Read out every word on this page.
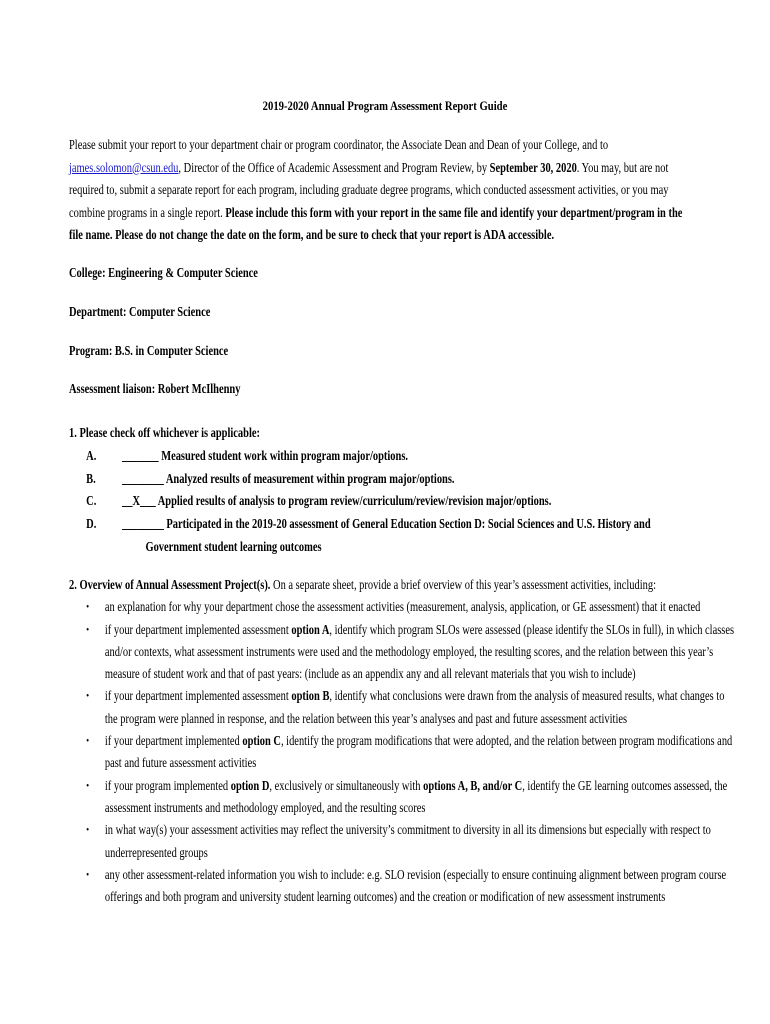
2019-2020 Annual Program Assessment Report Guide
Please submit your report to your department chair or program coordinator, the Associate Dean and Dean of your College, and to james.solomon@csun.edu, Director of the Office of Academic Assessment and Program Review, by September 30, 2020. You may, but are not required to, submit a separate report for each program, including graduate degree programs, which conducted assessment activities, or you may combine programs in a single report. Please include this form with your report in the same file and identify your department/program in the file name. Please do not change the date on the form, and be sure to check that your report is ADA accessible.
College: Engineering & Computer Science
Department: Computer Science
Program: B.S. in Computer Science
Assessment liaison: Robert McIlhenny
1. Please check off whichever is applicable:
A. _______ Measured student work within program major/options.
B. ________ Analyzed results of measurement within program major/options.
C. __X___ Applied results of analysis to program review/curriculum/review/revision major/options.
D. ________ Participated in the 2019-20 assessment of General Education Section D: Social Sciences and U.S. History and
Government student learning outcomes
2. Overview of Annual Assessment Project(s). On a separate sheet, provide a brief overview of this year’s assessment activities, including:
• an explanation for why your department chose the assessment activities (measurement, analysis, application, or GE assessment) that it enacted
• if your department implemented assessment option A, identify which program SLOs were assessed (please identify the SLOs in full), in which classes and/or contexts, what assessment instruments were used and the methodology employed, the resulting scores, and the relation between this year’s measure of student work and that of past years: (include as an appendix any and all relevant materials that you wish to include)
• if your department implemented assessment option B, identify what conclusions were drawn from the analysis of measured results, what changes to the program were planned in response, and the relation between this year’s analyses and past and future assessment activities
• if your department implemented option C, identify the program modifications that were adopted, and the relation between program modifications and past and future assessment activities
• if your program implemented option D, exclusively or simultaneously with options A, B, and/or C, identify the GE learning outcomes assessed, the assessment instruments and methodology employed, and the resulting scores
• in what way(s) your assessment activities may reflect the university’s commitment to diversity in all its dimensions but especially with respect to underrepresented groups
• any other assessment-related information you wish to include: e.g. SLO revision (especially to ensure continuing alignment between program course offerings and both program and university student learning outcomes) and the creation or modification of new assessment instruments
